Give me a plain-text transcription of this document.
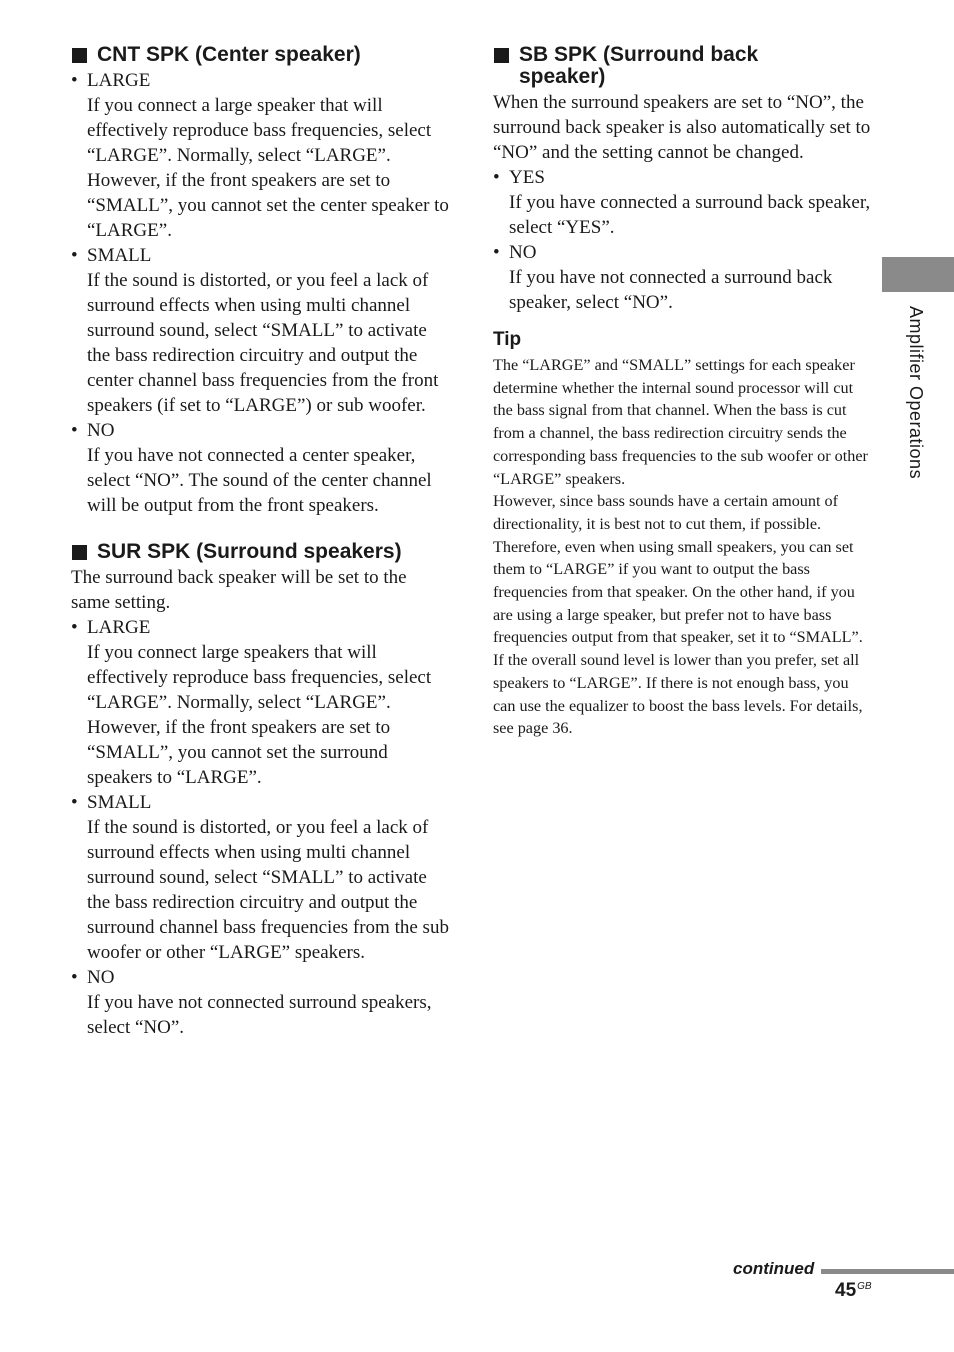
CNT SPK (Center speaker)
• LARGE

If you connect a large speaker that will effectively reproduce bass frequencies, select “LARGE”. Normally, select “LARGE”. However, if the front speakers are set to “SMALL”, you cannot set the center speaker to “LARGE”.

• SMALL

If the sound is distorted, or you feel a lack of surround effects when using multi channel surround sound, select “SMALL” to activate the bass redirection circuitry and output the center channel bass frequencies from the front speakers (if set to “LARGE”) or sub woofer.

• NO

If you have not connected a center speaker, select “NO”. The sound of the center channel will be output from the front speakers.

SUR SPK (Surround speakers)

The surround back speaker will be set to the same setting.

• LARGE

If you connect large speakers that will effectively reproduce bass frequencies, select “LARGE”. Normally, select “LARGE”. However, if the front speakers are set to “SMALL”, you cannot set the surround speakers to “LARGE”.

• SMALL

If the sound is distorted, or you feel a lack of surround effects when using multi channel surround sound, select “SMALL” to activate the bass redirection circuitry and output the surround channel bass frequencies from the sub woofer or other “LARGE” speakers.

• NO

If you have not connected surround speakers, select “NO”.

SB SPK (Surround back
speaker)

When the surround speakers are set to “NO”, the surround back speaker is also automatically set to “NO” and the setting cannot be changed.

• YES

If you have connected a surround back speaker, select “YES”.

• NO

If you have not connected a surround back speaker, select “NO”.

Tip

The “LARGE” and “SMALL” settings for each speaker determine whether the internal sound processor will cut the bass signal from that channel. When the bass is cut from a channel, the bass redirection circuitry sends the corresponding bass frequencies to the sub woofer or other “LARGE” speakers.

However, since bass sounds have a certain amount of directionality, it is best not to cut them, if possible. Therefore, even when using small speakers, you can set them to “LARGE” if you want to output the bass frequencies from that speaker. On the other hand, if you are using a large speaker, but prefer not to have bass frequencies output from that speaker, set it to “SMALL”.

If the overall sound level is lower than you prefer, set all speakers to “LARGE”. If there is not enough bass, you can use the equalizer to boost the bass levels. For details, see page 36.

Amplifier Operations
continued
$45^{GB}$
